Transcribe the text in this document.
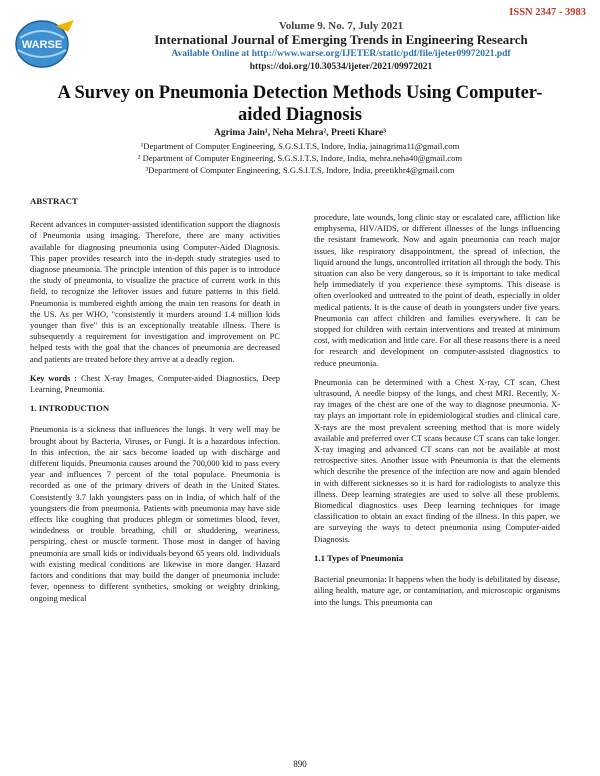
ISSN 2347 - 3983
WARSE
Volume 9. No. 7, July 2021
International Journal of Emerging Trends in Engineering Research
Available Online at http://www.warse.org/IJETER/static/pdf/file/ijeter09972021.pdf
https://doi.org/10.30534/ijeter/2021/09972021
A Survey on Pneumonia Detection Methods Using Computer-aided Diagnosis
Agrima Jain¹, Neha Mehra², Preeti Khare³
¹Department of Computer Engineering, S.G.S.I.T.S, Indore, India, jainagrima11@gmail.com
² Department of Computer Engineering, S.G.S.I.T.S, Indore, India, mehra.neha40@gmail.com
³Department of Computer Engineering, S.G.S.I.T.S, Indore, India, preetikhr4@gmail.com
ABSTRACT

Recent advances in computer-assisted identification support the diagnosis of Pneumonia using imaging. Therefore, there are many activities available for diagnosing pneumonia using Computer-Aided Diagnosis. This paper provides research into the in-depth study strategies used to diagnose pneumonia. The principle intention of this paper is to introduce the study of pneumonia, to visualize the practice of current work in this field, to recognize the leftover issues and future patterns in this field. Pneumonia is numbered eighth among the main ten reasons for death in the US. As per WHO, "consistently it murders around 1.4 million kids younger than five" this is an exceptionally treatable illness. There is subsequently a requirement for investigation and improvement on PC helped tests with the goal that the chances of pneumonia are decreased and patients are treated before they arrive at a deadly region.

Key words : Chest X-ray Images, Computer-aided Diagnostics, Deep Learning, Pneumonia.

1. INTRODUCTION

Pneumonia is a sickness that influences the lungs. It very well may be brought about by Bacteria, Viruses, or Fungi. It is a hazardous infection. In this infection, the air sacs become loaded up with discharge and different liquids. Pneumonia causes around the 700,000 kid to pass every year and influences 7 percent of the total populace. Pneumonia is recorded as one of the primary drivers of death in the United States. Consistently 3.7 lakh youngsters pass on in India, of which half of the youngsters die from pneumonia. Patients with pneumonia may have side effects like coughing that produces phlegm or sometimes blood, fever, windedness or trouble breathing, chill or shuddering, weariness, perspiring, chest or muscle torment. Those most in danger of having pneumonia are small kids or individuals beyond 65 years old. Individuals with existing medical conditions are likewise in more danger. Hazard factors and conditions that may build the danger of pneumonia include: fever, openness to different synthetics, smoking or weighty drinking, ongoing medical

procedure, late wounds, long clinic stay or escalated care, affliction like emphysema, HIV/AIDS, or different illnesses of the lungs influencing the resistant framework. Now and again pneumonia can reach major issues, like respiratory disappointment, the spread of infection, the liquid around the lungs, uncontrolled irritation all through the body. This situation can also be very dangerous, so it is important to take medical help immediately if you experience these symptoms. This disease is often overlooked and untreated to the point of death, especially in older medical patients. It is the cause of death in youngsters under five years. Pneumonia can affect children and families everywhere. It can be stopped for children with certain interventions and treated at minimum cost, with medication and little care. For all these reasons there is a need for research and development on computer-assisted diagnostics to reduce pneumonia.

Pneumonia can be determined with a Chest X-ray, CT scan, Chest ultrasound, A needle biopsy of the lungs, and chest MRI. Recently, X-ray images of the chest are one of the way to diagnose pneumonia. X-ray plays an important role in epidemiological studies and clinical care. X-rays are the most prevalent screening method that is more widely available and preferred over CT scans because CT scans can take longer. X-ray imaging and advanced CT scans can not be available at most retrospective sites. Another issue with Pneumonia is that the elements which describe the presence of the infection are now and again blended in with different sicknesses so it is hard for radiologists to analyze this illness. Deep learning strategies are used to solve all these problems. Biomedical diagnostics uses Deep learning techniques for image classification to obtain an exact finding of the illness. In this paper, we are surveying the ways to detect pneumonia using Computer-aided Diagnosis.

1.1 Types of Pneumonia

Bacterial pneumonia: It happens when the body is debilitated by disease, ailing health, mature age, or contamination, and microscopic organisms into the lungs. This pneumonia can

890
